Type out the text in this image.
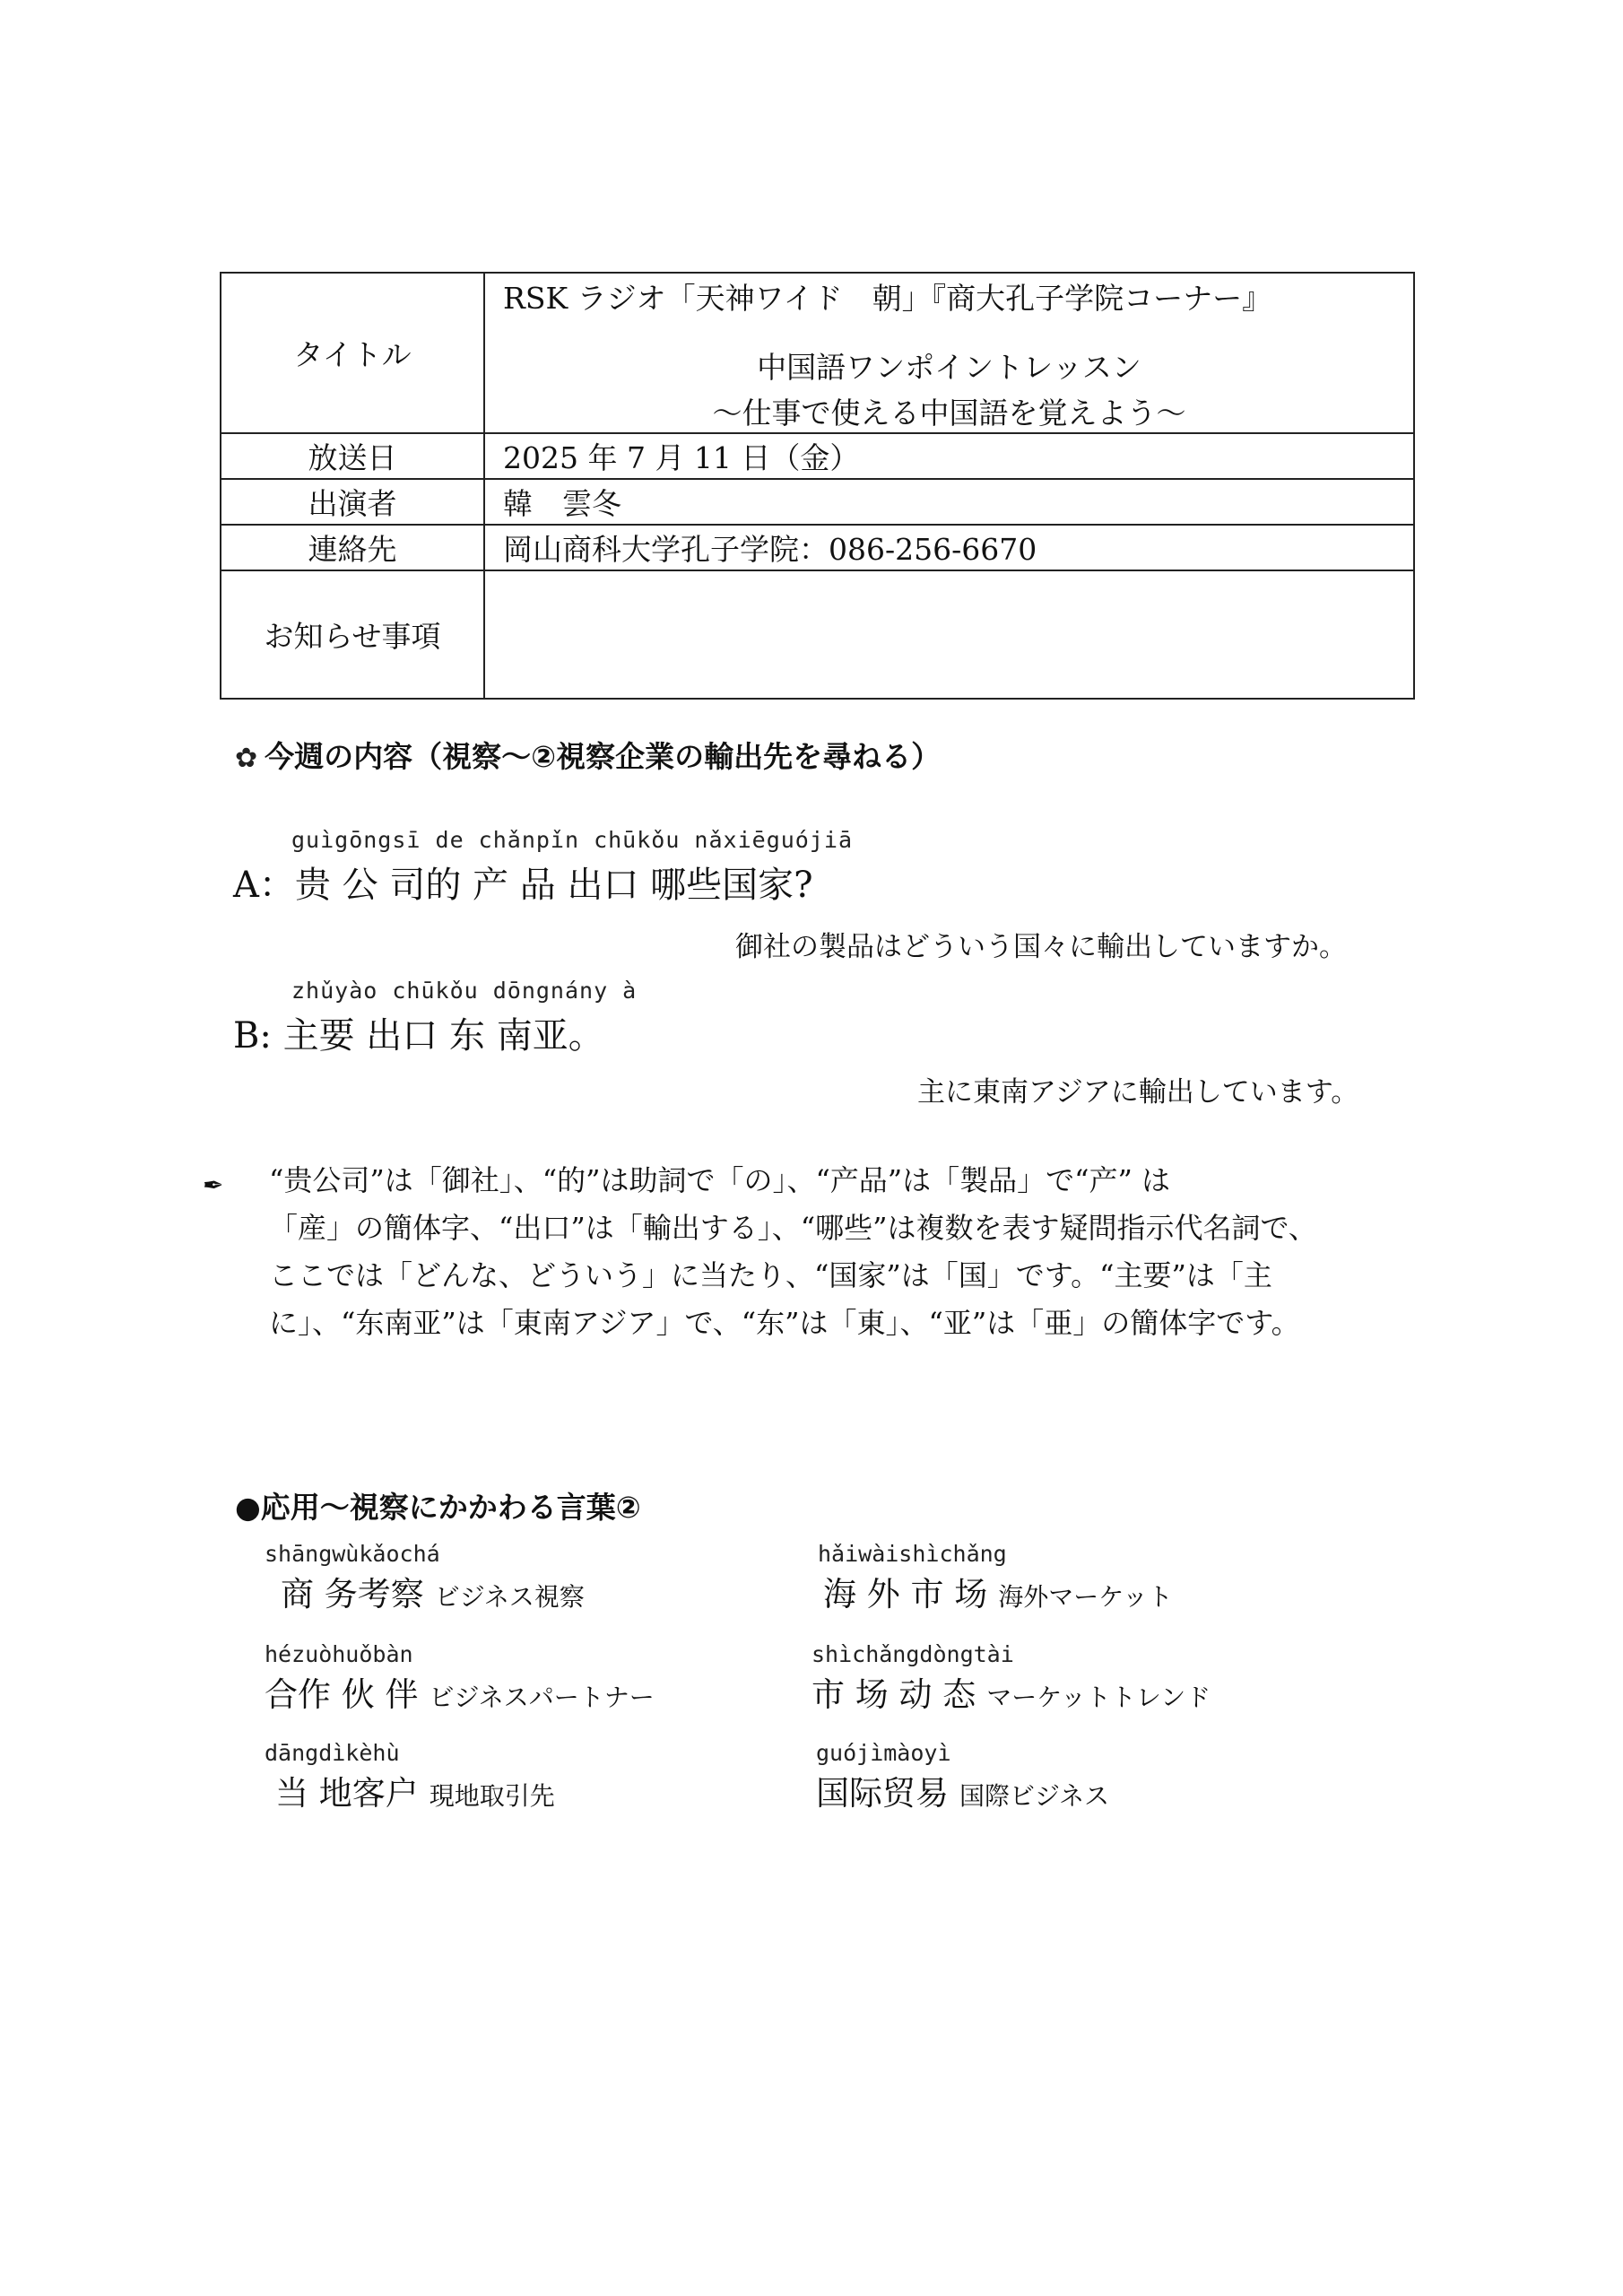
タイトル	RSK ラジオ「天神ワイド　朝」『商大孔子学院コーナー』
中国語ワンポイントレッスン
～仕事で使える中国語を覚えよう～

放送日	2025 年 7 月 11 日（金）
出演者	韓　雲冬
連絡先	岡山商科大学孔子学院：086-256-6670
お知らせ事項	
✿ 今週の内容（視察～②視察企業の輸出先を尋ねる）
guìgōngsī de chǎnpǐn chūkǒu nǎxiēguójiā
A：贵 公 司的 产 品 出口 哪些国家?
御社の製品はどういう国々に輸出していますか。
zhǔyào chūkǒu dōngnány à
B: 主要 出口 东 南亚。
主に東南アジアに輸出しています。
✒ “贵公司”は「御社」、“的”は助詞で「の」、“产品”は「製品」で“产” は
「産」の簡体字、“出口”は「輸出する」、“哪些”は複数を表す疑問指示代名詞で、
ここでは「どんな、どういう」に当たり、“国家”は「国」です。“主要”は「主
に」、“东南亚”は「東南アジア」で、“东”は「東」、“亚”は「亜」の簡体字です。
●応用～視察にかかわる言葉②
shāngwùkǎochá
商 务考察 ビジネス視察
hǎiwàishìchǎng
海 外 市 场 海外マーケット
hézuòhuǒbàn
合作 伙 伴 ビジネスパートナー
shìchǎngdòngtài
市 场 动 态 マーケットトレンド
dāngdìkèhù
当 地客户 現地取引先
guójìmàoyì
国际贸易 国際ビジネス
